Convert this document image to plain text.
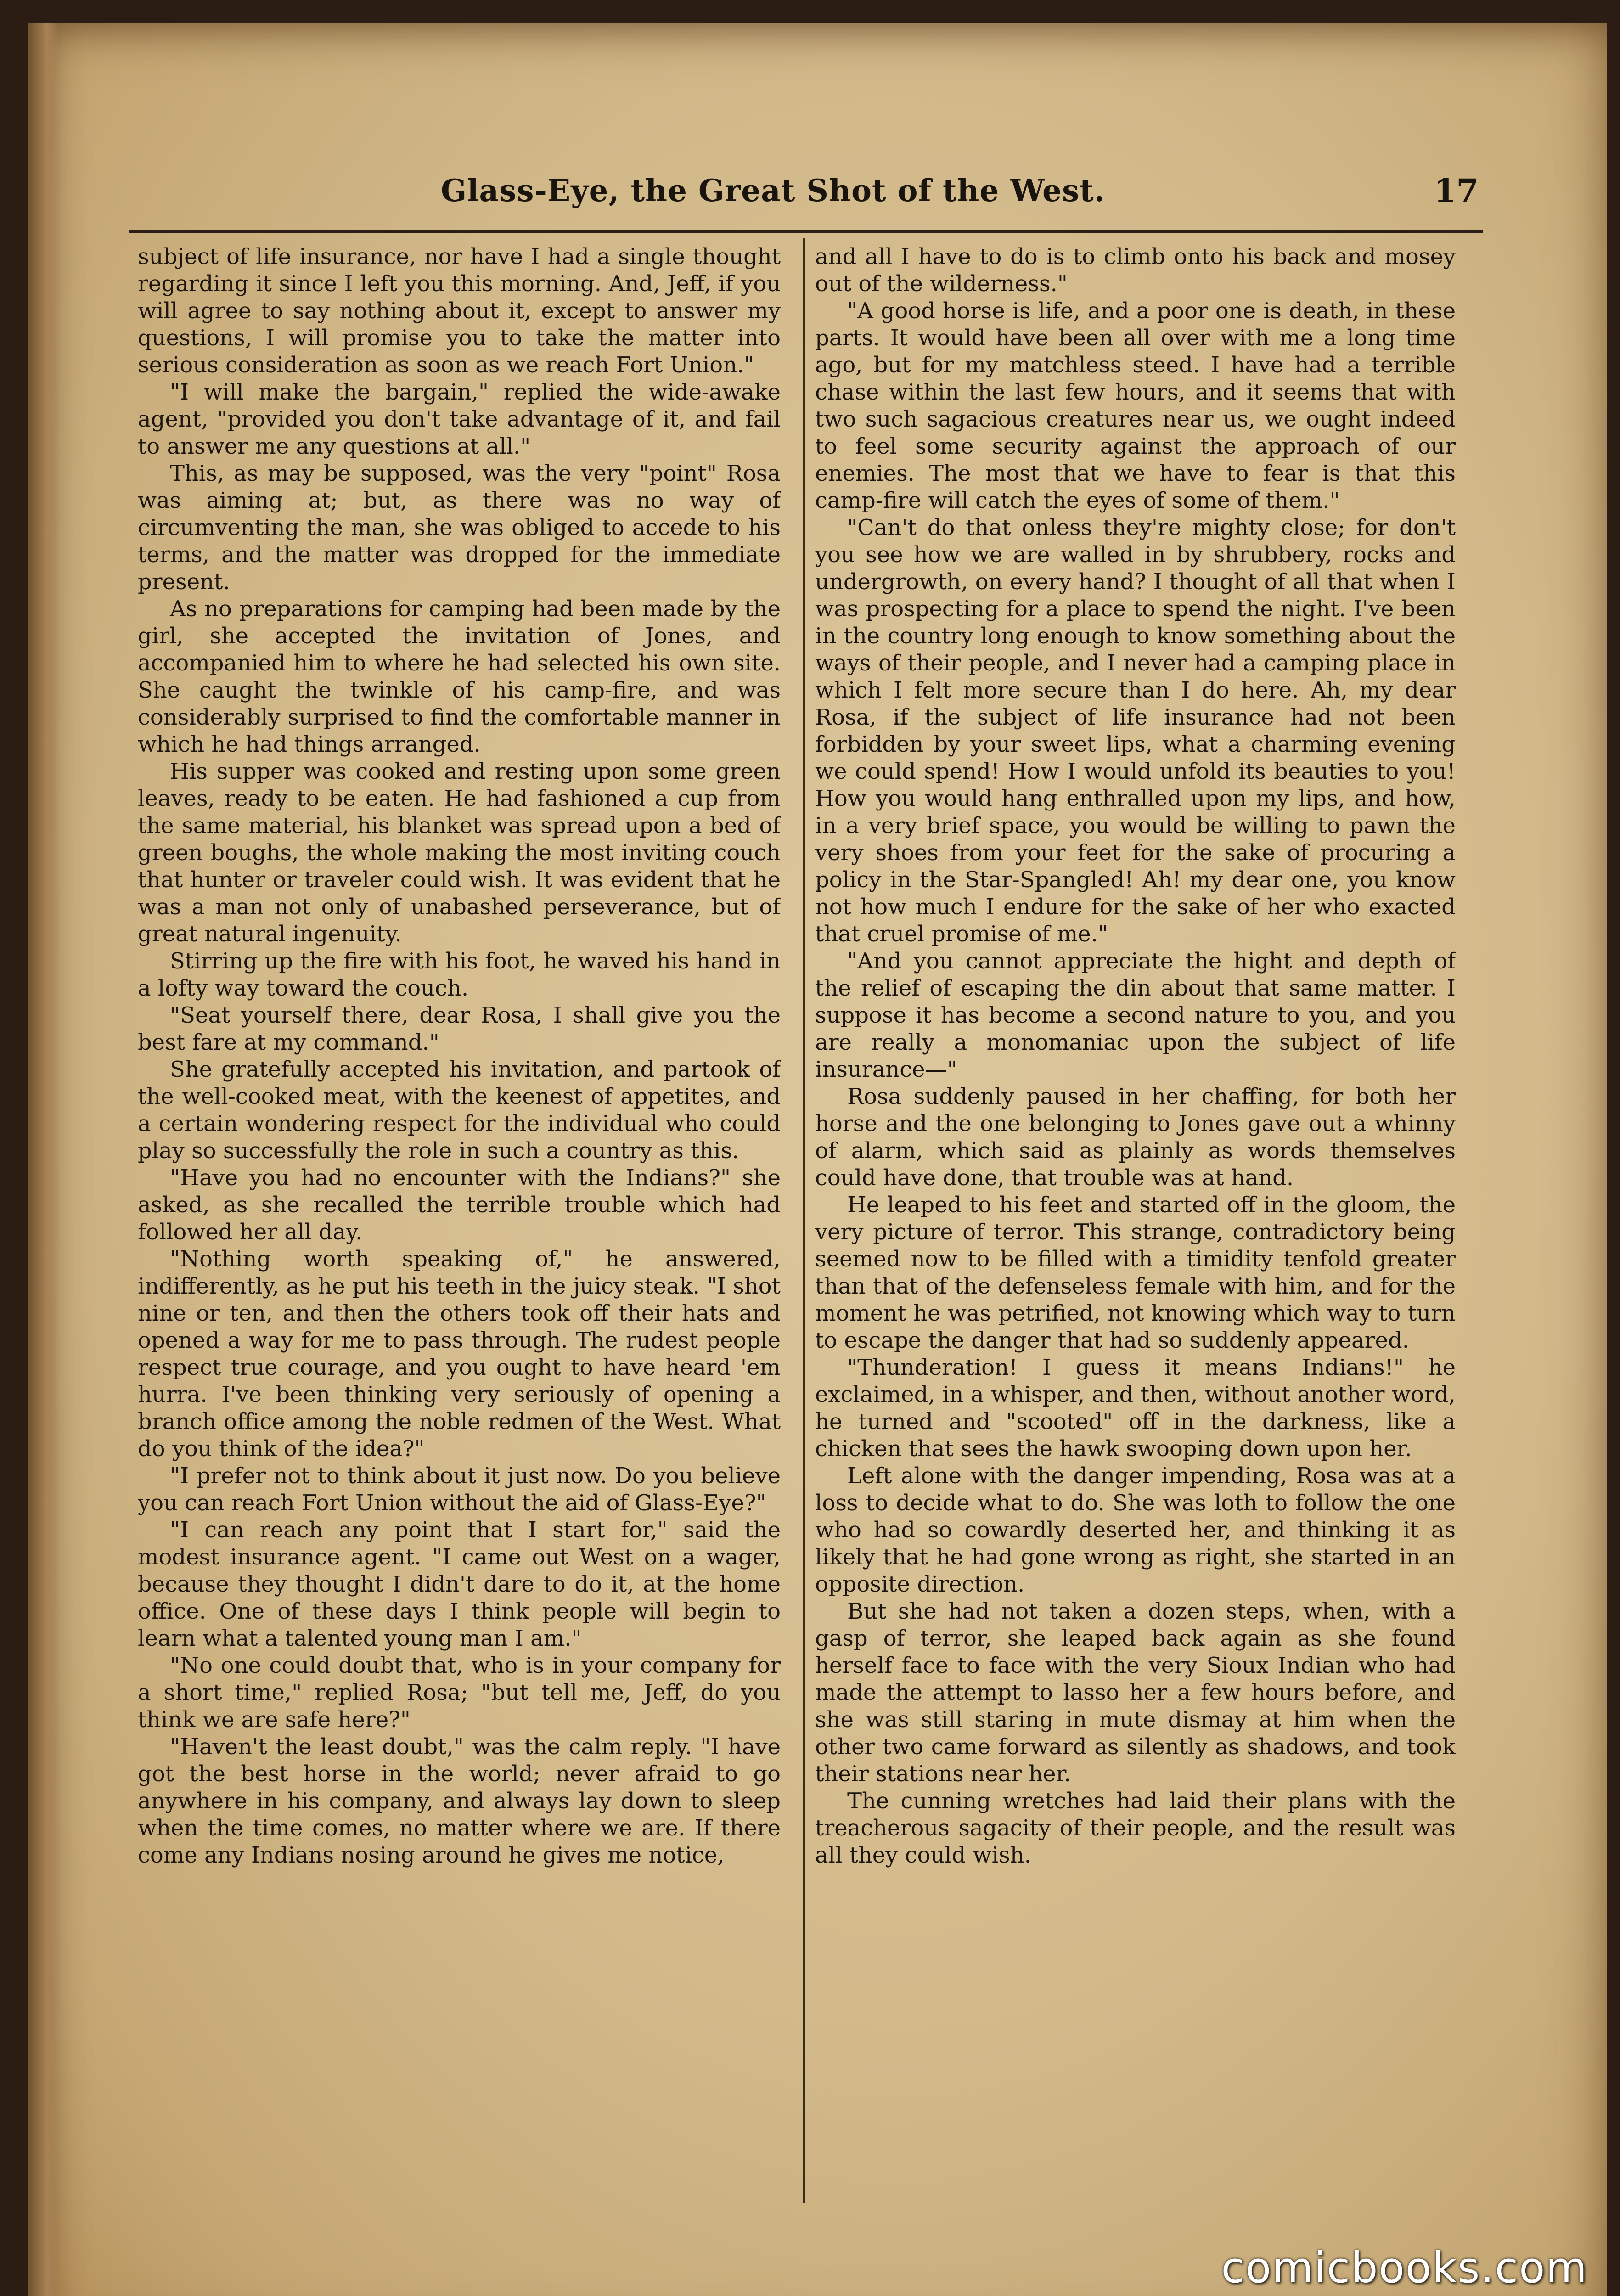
Glass-Eye, the Great Shot of the West.	17

subject of life insurance, nor have I had a single thought regarding it since I left you this morning. And, Jeff, if you will agree to say nothing about it, except to answer my questions, I will promise you to take the matter into serious consideration as soon as we reach Fort Union."

"I will make the bargain," replied the wide-awake agent, "provided you don't take advantage of it, and fail to answer me any questions at all."

This, as may be supposed, was the very "point" Rosa was aiming at; but, as there was no way of circumventing the man, she was obliged to accede to his terms, and the matter was dropped for the immediate present.

As no preparations for camping had been made by the girl, she accepted the invitation of Jones, and accompanied him to where he had selected his own site. She caught the twinkle of his camp-fire, and was considerably surprised to find the comfortable manner in which he had things arranged.

His supper was cooked and resting upon some green leaves, ready to be eaten. He had fashioned a cup from the same material, his blanket was spread upon a bed of green boughs, the whole making the most inviting couch that hunter or traveler could wish. It was evident that he was a man not only of unabashed perseverance, but of great natural ingenuity.

Stirring up the fire with his foot, he waved his hand in a lofty way toward the couch.

"Seat yourself there, dear Rosa, I shall give you the best fare at my command."

She gratefully accepted his invitation, and partook of the well-cooked meat, with the keenest of appetites, and a certain wondering respect for the individual who could play so successfully the role in such a country as this.

"Have you had no encounter with the Indians?" she asked, as she recalled the terrible trouble which had followed her all day.

"Nothing worth speaking of," he answered, indifferently, as he put his teeth in the juicy steak. "I shot nine or ten, and then the others took off their hats and opened a way for me to pass through. The rudest people respect true courage, and you ought to have heard 'em hurra. I've been thinking very seriously of opening a branch office among the noble redmen of the West. What do you think of the idea?"

"I prefer not to think about it just now. Do you believe you can reach Fort Union without the aid of Glass-Eye?"

"I can reach any point that I start for," said the modest insurance agent. "I came out West on a wager, because they thought I didn't dare to do it, at the home office. One of these days I think people will begin to learn what a talented young man I am."

"No one could doubt that, who is in your company for a short time," replied Rosa; "but tell me, Jeff, do you think we are safe here?"

"Haven't the least doubt," was the calm reply. "I have got the best horse in the world; never afraid to go anywhere in his company, and always lay down to sleep when the time comes, no matter where we are. If there come any Indians nosing around he gives me notice,

and all I have to do is to climb onto his back and mosey out of the wilderness."

"A good horse is life, and a poor one is death, in these parts. It would have been all over with me a long time ago, but for my matchless steed. I have had a terrible chase within the last few hours, and it seems that with two such sagacious creatures near us, we ought indeed to feel some security against the approach of our enemies. The most that we have to fear is that this camp-fire will catch the eyes of some of them."

"Can't do that onless they're mighty close; for don't you see how we are walled in by shrubbery, rocks and undergrowth, on every hand? I thought of all that when I was prospecting for a place to spend the night. I've been in the country long enough to know something about the ways of their people, and I never had a camping place in which I felt more secure than I do here. Ah, my dear Rosa, if the subject of life insurance had not been forbidden by your sweet lips, what a charming evening we could spend! How I would unfold its beauties to you! How you would hang enthralled upon my lips, and how, in a very brief space, you would be willing to pawn the very shoes from your feet for the sake of procuring a policy in the Star-Spangled! Ah! my dear one, you know not how much I endure for the sake of her who exacted that cruel promise of me."

"And you cannot appreciate the hight and depth of the relief of escaping the din about that same matter. I suppose it has become a second nature to you, and you are really a monomaniac upon the subject of life insurance—"

Rosa suddenly paused in her chaffing, for both her horse and the one belonging to Jones gave out a whinny of alarm, which said as plainly as words themselves could have done, that trouble was at hand.

He leaped to his feet and started off in the gloom, the very picture of terror. This strange, contradictory being seemed now to be filled with a timidity tenfold greater than that of the defenseless female with him, and for the moment he was petrified, not knowing which way to turn to escape the danger that had so suddenly appeared.

"Thunderation! I guess it means Indians!" he exclaimed, in a whisper, and then, without another word, he turned and "scooted" off in the darkness, like a chicken that sees the hawk swooping down upon her.

Left alone with the danger impending, Rosa was at a loss to decide what to do. She was loth to follow the one who had so cowardly deserted her, and thinking it as likely that he had gone wrong as right, she started in an opposite direction.

But she had not taken a dozen steps, when, with a gasp of terror, she leaped back again as she found herself face to face with the very Sioux Indian who had made the attempt to lasso her a few hours before, and she was still staring in mute dismay at him when the other two came forward as silently as shadows, and took their stations near her.

The cunning wretches had laid their plans with the treacherous sagacity of their people, and the result was all they could wish.

comicbooks.com
